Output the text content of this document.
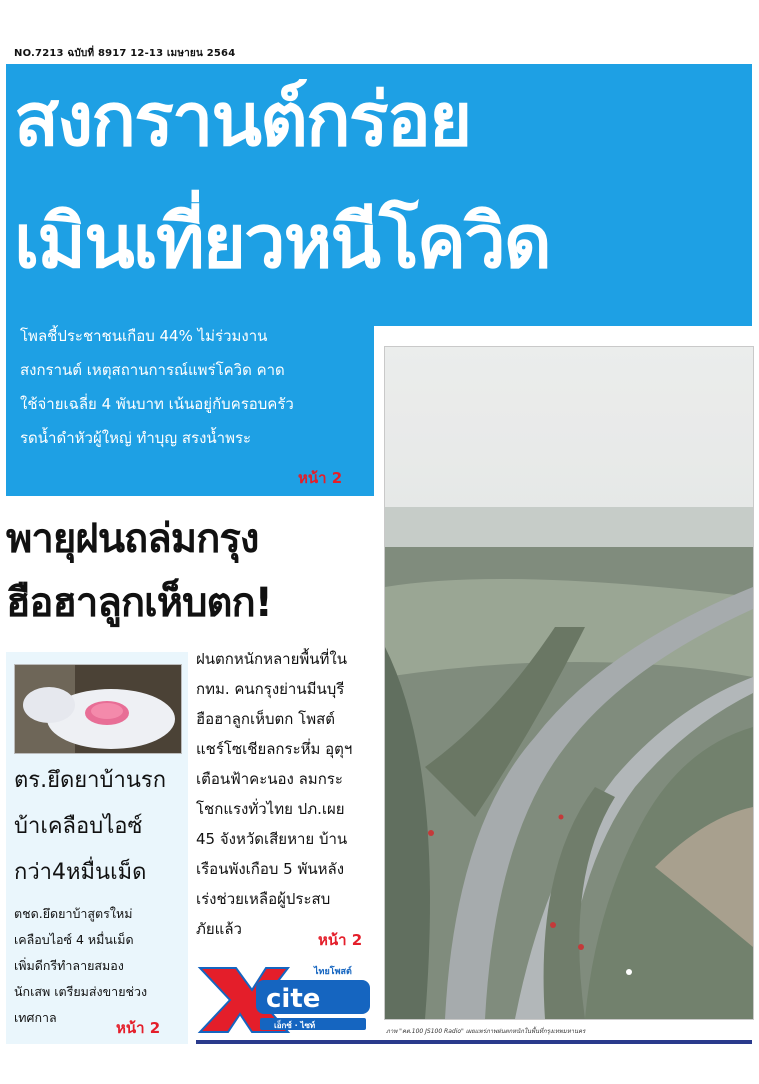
NO.7213 ฉบับที่ 8917 12-13 เมษายน 2564
สงกรานต์กร่อย
เมินเที่ยวหนีโควิด
โพลชี้ประชาชนเกือบ 44% ไม่ร่วมงาน
สงกรานต์ เหตุสถานการณ์แพร่โควิด คาด
ใช้จ่ายเฉลี่ย 4 พันบาท เน้นอยู่กับครอบครัว
รดน้ำดำหัวผู้ใหญ่ ทำบุญ สรงน้ำพระ
หน้า 2
พายุฝนถล่มกรุง
ฮือฮาลูกเห็บตก!
ภาพ "คต.100 JS100 Radio" เผยแพร่ภาพฝนตกหนักในพื้นที่กรุงเทพมหานคร
ฝนตกหนักหลายพื้นที่ใน
กทม. คนกรุงย่านมีนบุรี
ฮือฮาลูกเห็บตก โพสต์
แชร์โซเชียลกระหึ่ม อุตุฯ
เตือนฟ้าคะนอง ลมกระ
โชกแรงทั่วไทย ปภ.เผย
45 จังหวัดเสียหาย บ้าน
เรือนพังเกือบ 5 พันหลัง
เร่งช่วยเหลือผู้ประสบ
ภัยแล้ว
หน้า 2
ตร.ยึดยาบ้านรก
บ้าเคลือบไอซ์
กว่า4หมื่นเม็ด
ตชด.ยึดยาบ้าสูตรใหม่
เคลือบไอซ์ 4 หมื่นเม็ด
เพิ่มดีกรีทำลายสมอง
นักเสพ เตรียมส่งขายช่วง
เทศกาล
หน้า 2
cite
ไทยโพสต์
เอ็กซ์ · ไซท์
